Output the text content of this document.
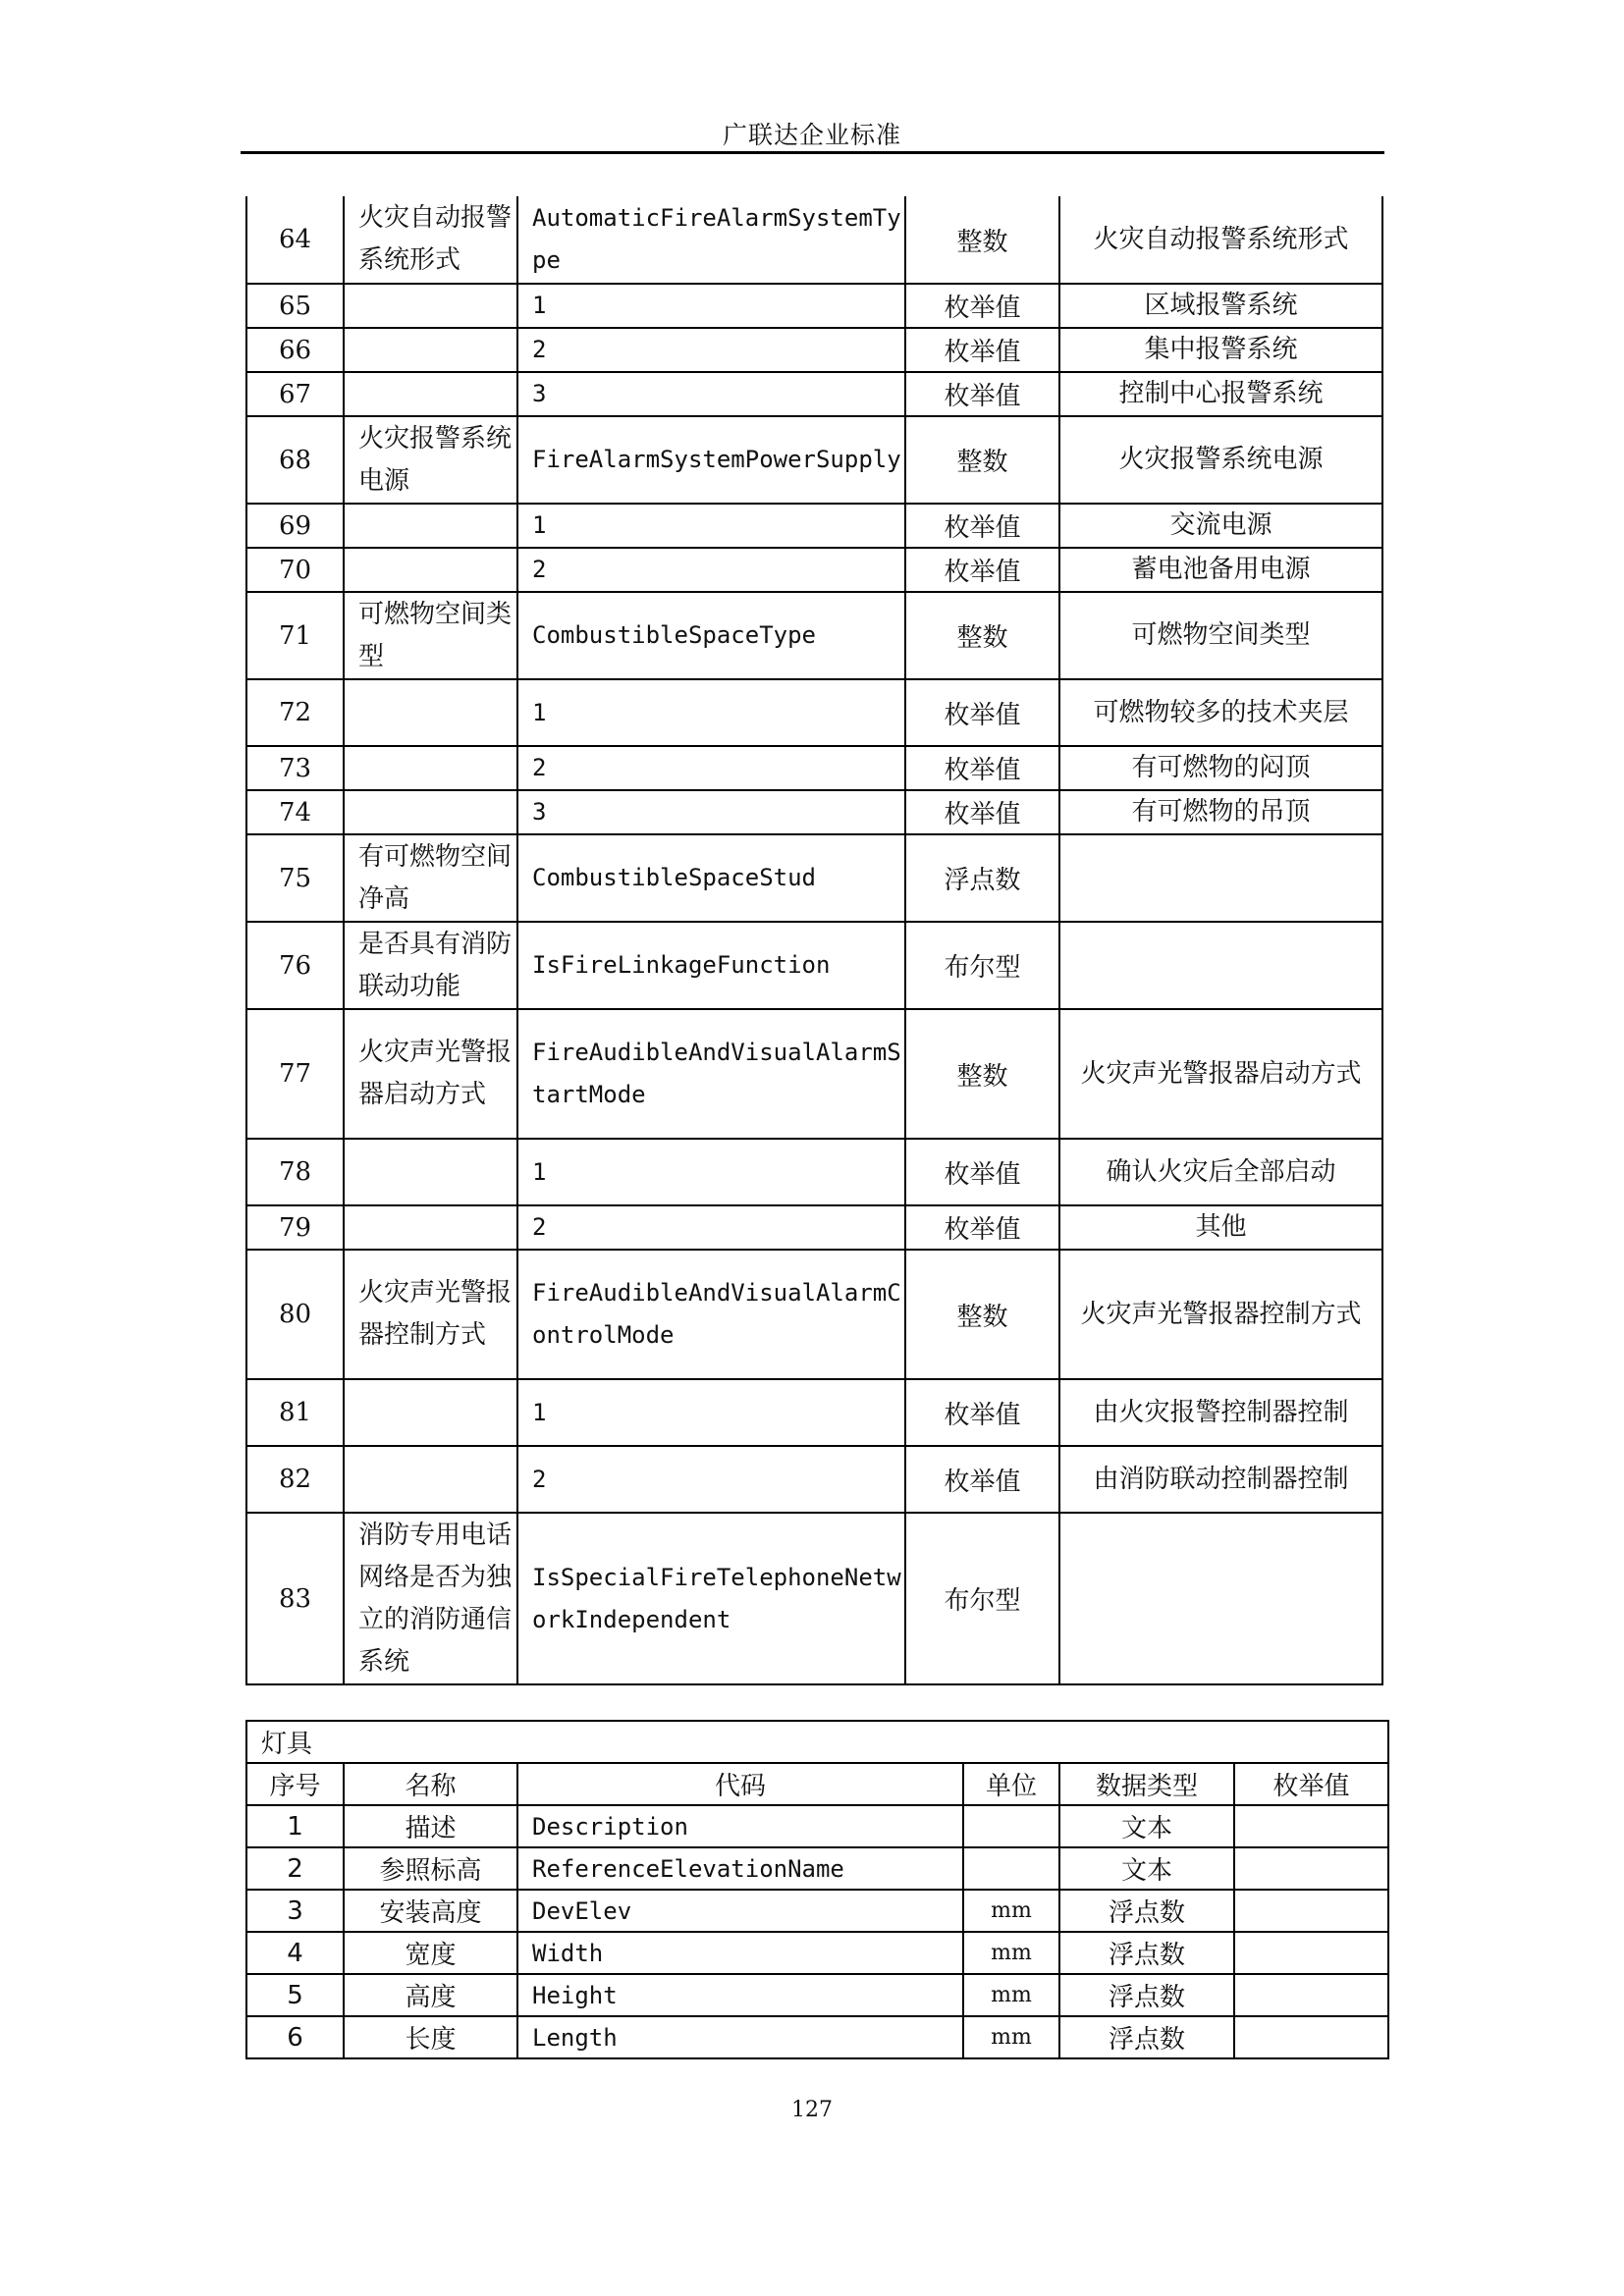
广联达企业标准
64	火灾自动报警系统形式	AutomaticFireAlarmSystemType	整数	火灾自动报警系统形式
65		1	枚举值	区域报警系统
66		2	枚举值	集中报警系统
67		3	枚举值	控制中心报警系统
68	火灾报警系统电源	FireAlarmSystemPowerSupply	整数	火灾报警系统电源
69		1	枚举值	交流电源
70		2	枚举值	蓄电池备用电源
71	可燃物空间类型	CombustibleSpaceType	整数	可燃物空间类型
72		1	枚举值	可燃物较多的技术夹层
73		2	枚举值	有可燃物的闷顶
74		3	枚举值	有可燃物的吊顶
75	有可燃物空间净高	CombustibleSpaceStud	浮点数	
76	是否具有消防联动功能	IsFireLinkageFunction	布尔型	
77	火灾声光警报器启动方式	FireAudibleAndVisualAlarmStartMode	整数	火灾声光警报器启动方式
78		1	枚举值	确认火灾后全部启动
79		2	枚举值	其他
80	火灾声光警报器控制方式	FireAudibleAndVisualAlarmControlMode	整数	火灾声光警报器控制方式
81		1	枚举值	由火灾报警控制器控制
82		2	枚举值	由消防联动控制器控制
83	消防专用电话网络是否为独立的消防通信系统	IsSpecialFireTelephoneNetworkIndependent	布尔型	
灯具					
序号	名称	代码	单位	数据类型	枚举值
1	描述	Description		文本	
2	参照标高	ReferenceElevationName		文本	
3	安装高度	DevElev	mm	浮点数	
4	宽度	Width	mm	浮点数	
5	高度	Height	mm	浮点数	
6	长度	Length	mm	浮点数	
127
